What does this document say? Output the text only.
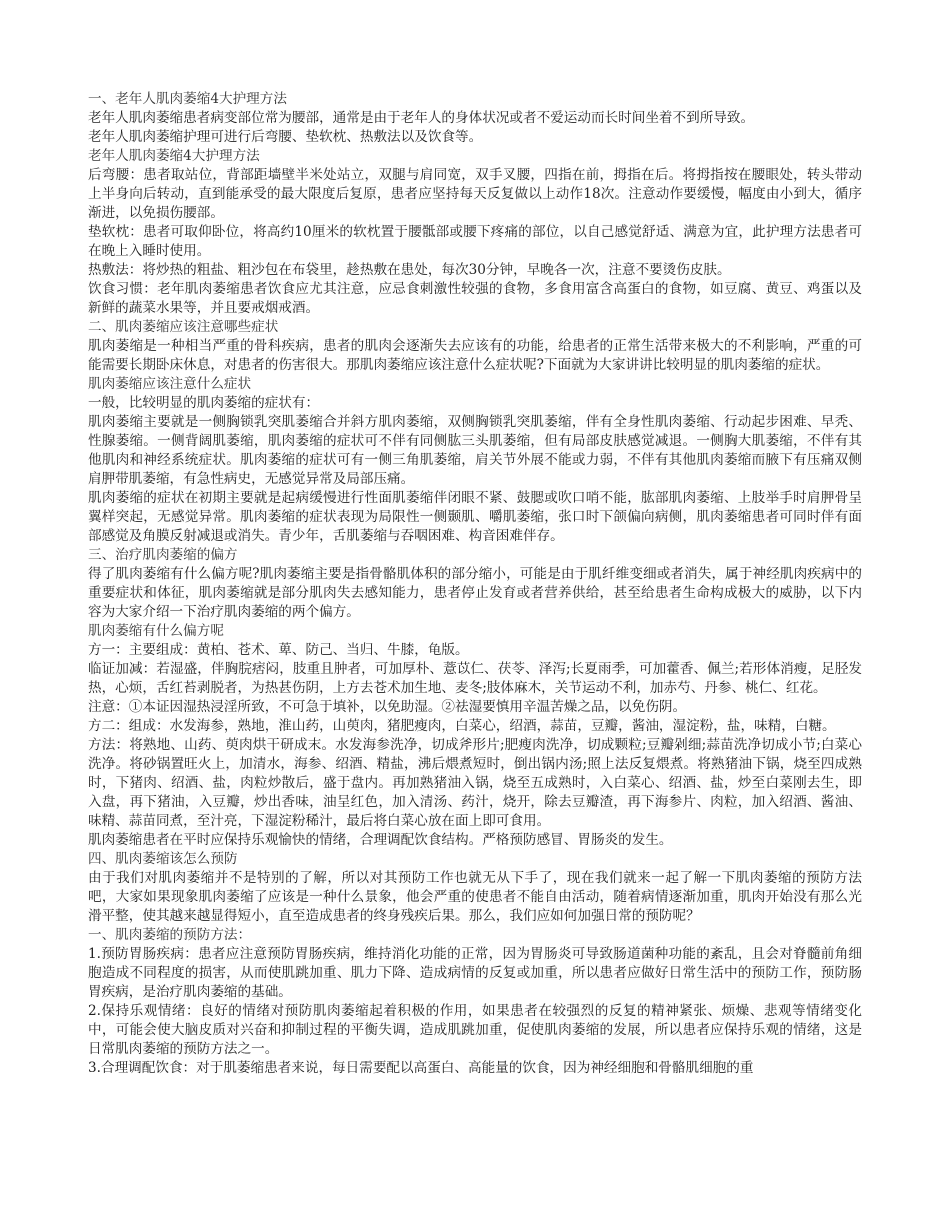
一、老年人肌肉萎缩4大护理方法

老年人肌肉萎缩患者病变部位常为腰部，通常是由于老年人的身体状况或者不爱运动而长时间坐着不到所导致。

老年人肌肉萎缩护理可进行后弯腰、垫软枕、热敷法以及饮食等。

老年人肌肉萎缩4大护理方法

后弯腰：患者取站位，背部距墙壁半米处站立，双腿与肩同宽，双手叉腰，四指在前，拇指在后。将拇指按在腰眼处，转头带动上半身向后转动，直到能承受的最大限度后复原，患者应坚持每天反复做以上动作18次。注意动作要缓慢，幅度由小到大，循序渐进，以免损伤腰部。

垫软枕：患者可取仰卧位，将高约10厘米的软枕置于腰骶部或腰下疼痛的部位，以自己感觉舒适、满意为宜，此护理方法患者可在晚上入睡时使用。

热敷法：将炒热的粗盐、粗沙包在布袋里，趁热敷在患处，每次30分钟，早晚各一次，注意不要烫伤皮肤。

饮食习惯：老年肌肉萎缩患者饮食应尤其注意，应忌食刺激性较强的食物，多食用富含高蛋白的食物，如豆腐、黄豆、鸡蛋以及新鲜的蔬菜水果等，并且要戒烟戒酒。

二、肌肉萎缩应该注意哪些症状

肌肉萎缩是一种相当严重的骨科疾病，患者的肌肉会逐渐失去应该有的功能，给患者的正常生活带来极大的不利影响，严重的可能需要长期卧床休息，对患者的伤害很大。那肌肉萎缩应该注意什么症状呢?下面就为大家讲讲比较明显的肌肉萎缩的症状。

肌肉萎缩应该注意什么症状

一般，比较明显的肌肉萎缩的症状有：

肌肉萎缩主要就是一侧胸锁乳突肌萎缩合并斜方肌肉萎缩，双侧胸锁乳突肌萎缩，伴有全身性肌肉萎缩、行动起步困难、早秃、性腺萎缩。一侧背阔肌萎缩，肌肉萎缩的症状可不伴有同侧肱三头肌萎缩，但有局部皮肤感觉减退。一侧胸大肌萎缩，不伴有其他肌肉和神经系统症状。肌肉萎缩的症状可有一侧三角肌萎缩，肩关节外展不能或力弱，不伴有其他肌肉萎缩而腋下有压痛双侧肩胛带肌萎缩，有急性病史，无感觉异常及局部压痛。

肌肉萎缩的症状在初期主要就是起病缓慢进行性面肌萎缩伴闭眼不紧、鼓腮或吹口哨不能，肱部肌肉萎缩、上肢举手时肩胛骨呈翼样突起，无感觉异常。肌肉萎缩的症状表现为局限性一侧颞肌、嚼肌萎缩，张口时下颌偏向病侧，肌肉萎缩患者可同时伴有面部感觉及角膜反射减退或消失。青少年，舌肌萎缩与吞咽困难、构音困难伴存。

三、治疗肌肉萎缩的偏方

得了肌肉萎缩有什么偏方呢?肌肉萎缩主要是指骨骼肌体积的部分缩小，可能是由于肌纤维变细或者消失，属于神经肌肉疾病中的重要症状和体征，肌肉萎缩就是部分肌肉失去感知能力，患者停止发育或者营养供给，甚至给患者生命构成极大的威胁，以下内容为大家介绍一下治疗肌肉萎缩的两个偏方。

肌肉萎缩有什么偏方呢

方一：主要组成：黄柏、苍术、萆、防己、当归、牛膝，龟版。

临证加减：若湿盛，伴胸脘痞闷，肢重且肿者，可加厚朴、薏苡仁、茯苓、泽泻;长夏雨季，可加藿香、佩兰;若形体消瘦，足胫发热，心烦，舌红苔剥脱者，为热甚伤阴，上方去苍术加生地、麦冬;肢体麻木，关节运动不利，加赤芍、丹参、桃仁、红花。

注意：①本证因湿热浸淫所致，不可急于填补，以免助湿。②祛湿要慎用辛温苦燥之品，以免伤阴。

方二：组成：水发海参，熟地，淮山药，山萸肉，猪肥瘦肉，白菜心，绍酒，蒜苗，豆瓣，酱油，湿淀粉，盐，味精，白糖。

方法：将熟地、山药、萸肉烘干研成末。水发海参洗净，切成斧形片;肥瘦肉洗净，切成颗粒;豆瓣剁细;蒜苗洗净切成小节;白菜心洗净。将砂锅置旺火上，加清水，海参、绍酒、精盐，沸后煨煮短时，倒出锅内汤;照上法反复煨煮。将熟猪油下锅，烧至四成熟时，下猪肉、绍酒、盐，肉粒炒散后，盛于盘内。再加熟猪油入锅，烧至五成熟时，入白菜心、绍酒、盐，炒至白菜刚去生，即入盘，再下猪油，入豆瓣，炒出香味，油呈红色，加入清汤、药汁，烧开，除去豆瓣渣，再下海参片、肉粒，加入绍酒、酱油、味精、蒜苗同煮，至汁亮，下湿淀粉稀汁，最后将白菜心放在面上即可食用。

肌肉萎缩患者在平时应保持乐观愉快的情绪，合理调配饮食结构。严格预防感冒、胃肠炎的发生。

四、肌肉萎缩该怎么预防

由于我们对肌肉萎缩并不是特别的了解，所以对其预防工作也就无从下手了，现在我们就来一起了解一下肌肉萎缩的预防方法吧，大家如果现象肌肉萎缩了应该是一种什么景象，他会严重的使患者不能自由活动，随着病情逐渐加重，肌肉开始没有那么光滑平整，使其越来越显得短小，直至造成患者的终身残疾后果。那么，我们应如何加强日常的预防呢？

一、肌肉萎缩的预防方法：

1.预防胃肠疾病：患者应注意预防胃肠疾病，维持消化功能的正常，因为胃肠炎可导致肠道菌种功能的紊乱，且会对脊髓前角细胞造成不同程度的损害，从而使肌跳加重、肌力下降、造成病情的反复或加重，所以患者应做好日常生活中的预防工作，预防肠胃疾病，是治疗肌肉萎缩的基础。

2.保持乐观情绪：良好的情绪对预防肌肉萎缩起着积极的作用，如果患者在较强烈的反复的精神紧张、烦燥、悲观等情绪变化中，可能会使大脑皮质对兴奋和抑制过程的平衡失调，造成肌跳加重，促使肌肉萎缩的发展，所以患者应保持乐观的情绪，这是日常肌肉萎缩的预防方法之一。

3.合理调配饮食：对于肌萎缩患者来说，每日需要配以高蛋白、高能量的饮食，因为神经细胞和骨骼肌细胞的重
